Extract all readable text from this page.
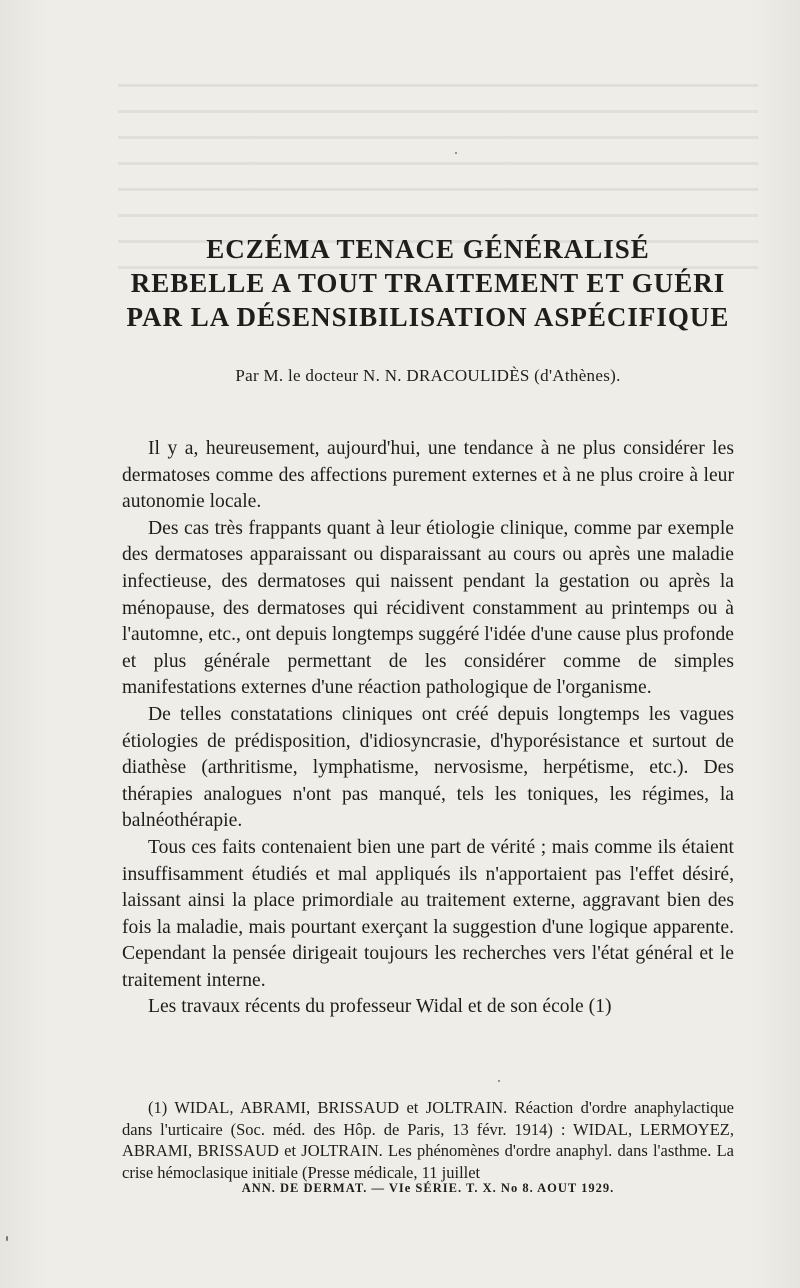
ECZÉMA TENACE GÉNÉRALISÉ
REBELLE A TOUT TRAITEMENT ET GUÉRI
PAR LA DÉSENSIBILISATION ASPÉCIFIQUE
Par M. le docteur N. N. DRACOULIDÈS (d'Athènes).

Il y a, heureusement, aujourd'hui, une tendance à ne plus considérer les dermatoses comme des affections purement externes et à ne plus croire à leur autonomie locale.

Des cas très frappants quant à leur étiologie clinique, comme par exemple des dermatoses apparaissant ou disparaissant au cours ou après une maladie infectieuse, des dermatoses qui naissent pendant la gestation ou après la ménopause, des dermatoses qui récidivent constamment au printemps ou à l'automne, etc., ont depuis longtemps suggéré l'idée d'une cause plus profonde et plus générale permettant de les considérer comme de simples manifestations externes d'une réaction pathologique de l'organisme.

De telles constatations cliniques ont créé depuis longtemps les vagues étiologies de prédisposition, d'idiosyncrasie, d'hyporésistance et surtout de diathèse (arthritisme, lymphatisme, nervosisme, herpétisme, etc.). Des thérapies analogues n'ont pas manqué, tels les toniques, les régimes, la balnéothérapie.

Tous ces faits contenaient bien une part de vérité ; mais comme ils étaient insuffisamment étudiés et mal appliqués ils n'apportaient pas l'effet désiré, laissant ainsi la place primordiale au traitement externe, aggravant bien des fois la maladie, mais pourtant exerçant la suggestion d'une logique apparente. Cependant la pensée dirigeait toujours les recherches vers l'état général et le traitement interne.

Les travaux récents du professeur Widal et de son école (1)

(1) WIDAL, ABRAMI, BRISSAUD et JOLTRAIN. Réaction d'ordre anaphylactique dans l'urticaire (Soc. méd. des Hôp. de Paris, 13 févr. 1914) : WIDAL, LERMOYEZ, ABRAMI, BRISSAUD et JOLTRAIN. Les phénomènes d'ordre anaphyl. dans l'asthme. La crise hémoclasique initiale (Presse médicale, 11 juillet

ANN. DE DERMAT. — VIe SÉRIE. T. X. No 8. AOUT 1929.
